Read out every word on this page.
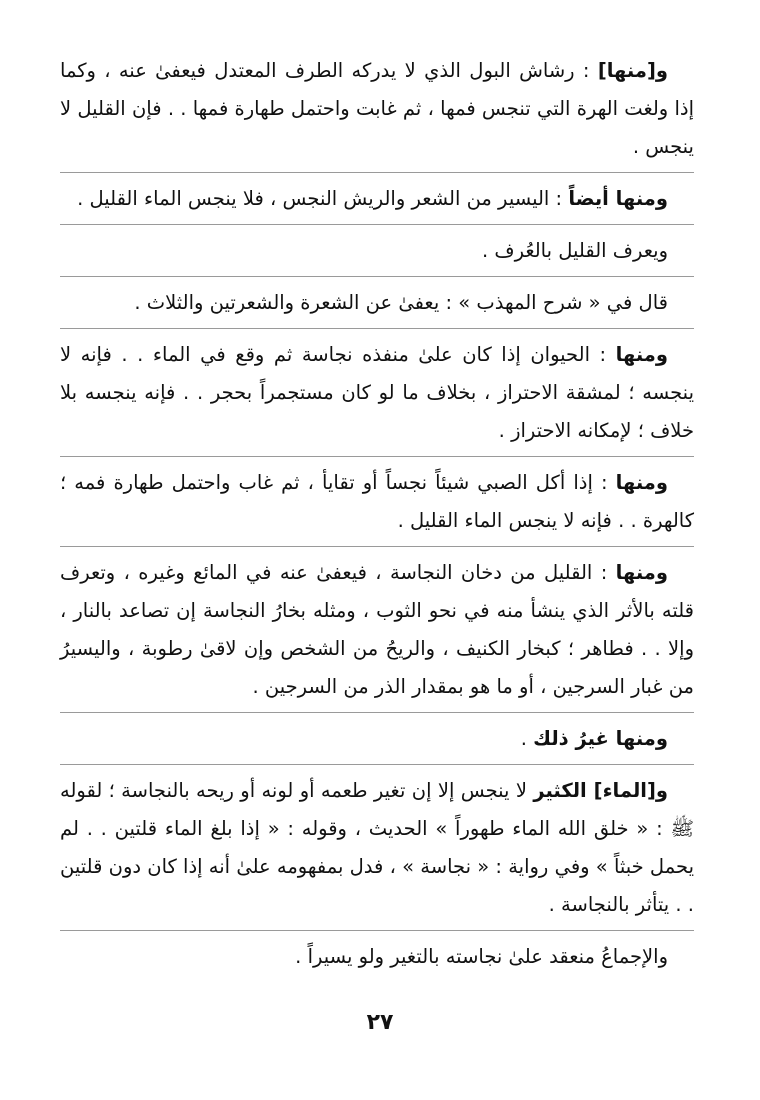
و[منها] : رشاش البول الذي لا يدركه الطرف المعتدل فيعفىٰ عنه ، وكما إذا ولغت الهرة التي تنجس فمها ، ثم غابت واحتمل طهارة فمها . . فإن القليل لا ينجس .

ومنها أيضاً : اليسير من الشعر والريش النجس ، فلا ينجس الماء القليل .

ويعرف القليل بالعُرف .

قال في « شرح المهذب » : يعفىٰ عن الشعرة والشعرتين والثلاث .

ومنها : الحيوان إذا كان علىٰ منفذه نجاسة ثم وقع في الماء . . فإنه لا ينجسه ؛ لمشقة الاحتراز ، بخلاف ما لو كان مستجمراً بحجر . . فإنه ينجسه بلا خلاف ؛ لإمكانه الاحتراز .

ومنها : إذا أكل الصبي شيئاً نجساً أو تقايأ ، ثم غاب واحتمل طهارة فمه ؛ كالهرة . . فإنه لا ينجس الماء القليل .

ومنها : القليل من دخان النجاسة ، فيعفىٰ عنه في المائع وغيره ، وتعرف قلته بالأثر الذي ينشأ منه في نحو الثوب ، ومثله بخارُ النجاسة إن تصاعد بالنار ، وإلا . . فطاهر ؛ كبخار الكنيف ، والريحُ من الشخص وإن لاقىٰ رطوبة ، واليسيرُ من غبار السرجين ، أو ما هو بمقدار الذر من السرجين .

ومنها غيرُ ذلك .

و[الماء] الكثير لا ينجس إلا إن تغير طعمه أو لونه أو ريحه بالنجاسة ؛ لقوله ﷺ : « خلق الله الماء طهوراً » الحديث ، وقوله : « إذا بلغ الماء قلتين . . لم يحمل خبثاً » وفي رواية : « نجاسة » ، فدل بمفهومه علىٰ أنه إذا كان دون قلتين . . يتأثر بالنجاسة .

والإجماعُ منعقد علىٰ نجاسته بالتغير ولو يسيراً .

٢٧
